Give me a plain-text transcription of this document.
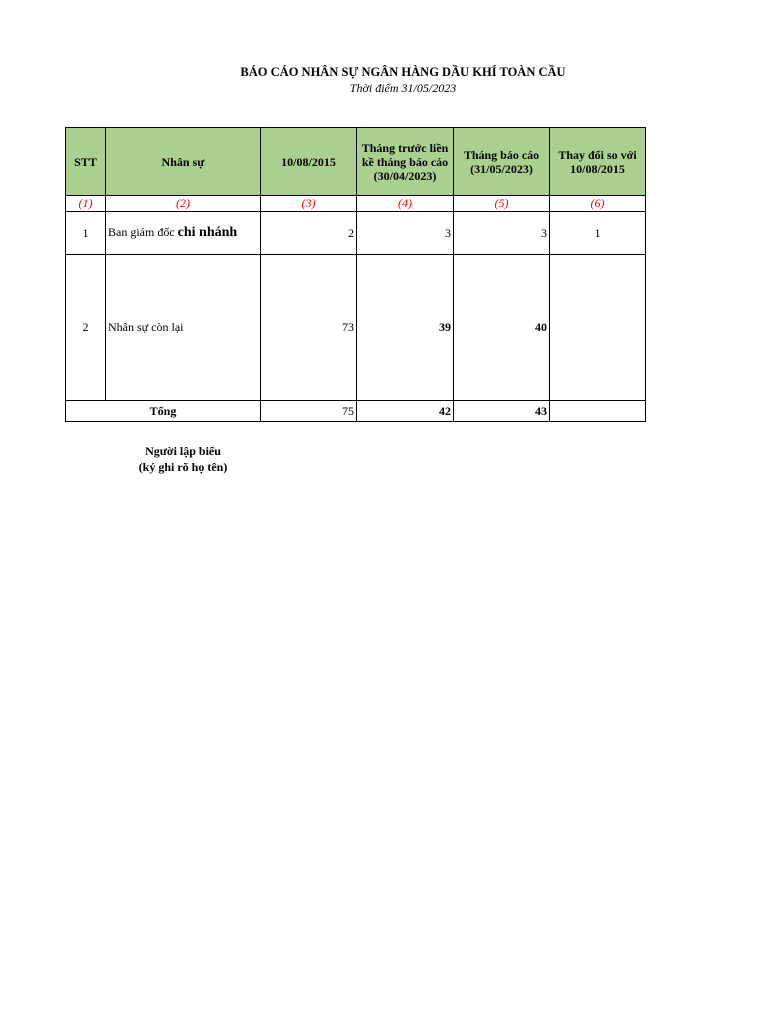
BÁO CÁO NHÂN SỰ NGÂN HÀNG DẦU KHÍ TOÀN CẦU
Thời điểm 31/05/2023
STT	Nhân sự	10/08/2015	Tháng trước liền kề tháng báo cáo (30/04/2023)	Tháng báo cáo (31/05/2023)	Thay đổi so với 10/08/2015
(1)	(2)	(3)	(4)	(5)	(6)
1	Ban giám đốc chi nhánh	2	3	3	1
2	Nhân sự còn lại	73	39	40	
Tổng		75	42	43	
Người lập biểu
(ký ghi rõ họ tên)
